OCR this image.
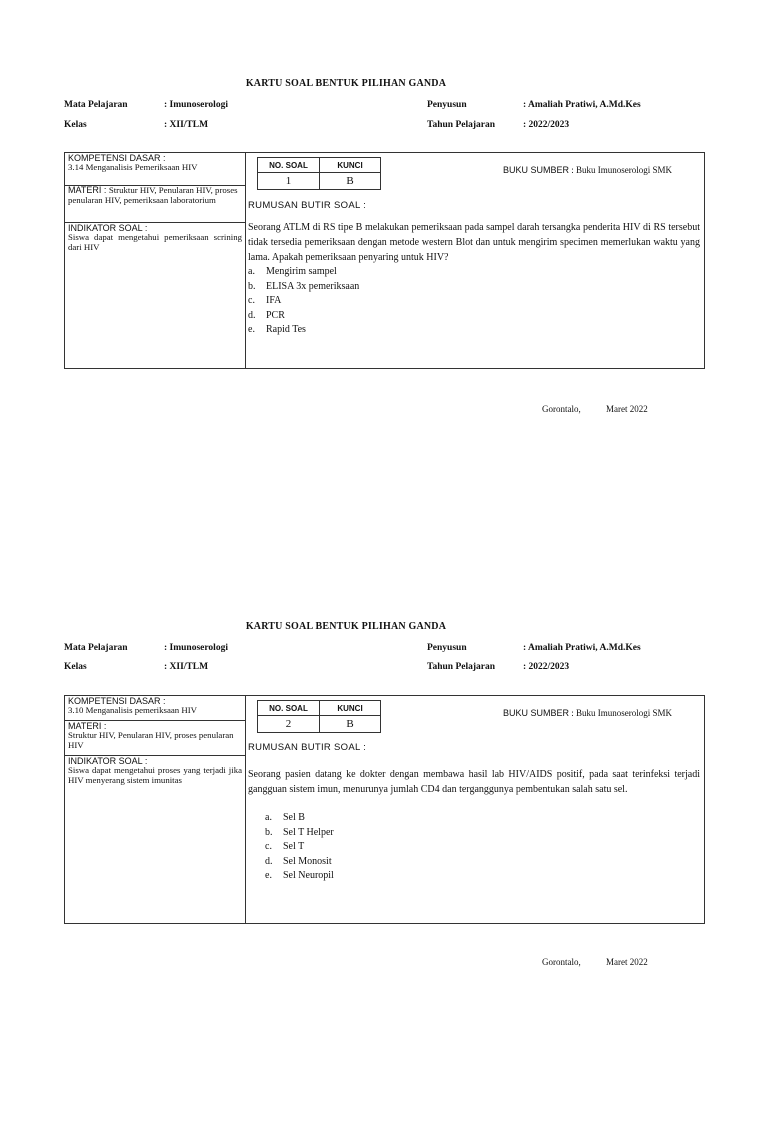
KARTU SOAL BENTUK PILIHAN GANDA
Mata Pelajaran	: Imunoserologi	Penyusun	: Amaliah Pratiwi, A.Md.Kes
Kelas	: XII/TLM	Tahun Pelajaran	: 2022/2023
KOMPETENSI DASAR :
3.14 Menganalisis Pemeriksaan HIV
MATERI : Struktur HIV, Penularan HIV, proses penularan HIV, pemeriksaan laboratorium
INDIKATOR SOAL :
Siswa dapat mengetahui pemeriksaan scrining dari HIV
NO. SOAL	KUNCI
1	B
BUKU SUMBER : Buku Imunoserologi SMK
RUMUSAN BUTIR SOAL :
Seorang ATLM di RS tipe B melakukan pemeriksaan pada sampel darah tersangka penderita HIV di RS tersebut tidak tersedia pemeriksaan dengan metode western Blot dan untuk mengirim specimen memerlukan waktu yang lama. Apakah pemeriksaan penyaring untuk HIV?
a. Mengirim sampel
b. ELISA 3x pemeriksaan
c. IFA
d. PCR
e. Rapid Tes
Gorontalo,	Maret 2022
KARTU SOAL BENTUK PILIHAN GANDA
Mata Pelajaran	: Imunoserologi	Penyusun	: Amaliah Pratiwi, A.Md.Kes
Kelas	: XII/TLM	Tahun Pelajaran	: 2022/2023
KOMPETENSI DASAR :
3.10 Menganalisis pemeriksaan HIV
MATERI :
Struktur HIV, Penularan HIV, proses penularan HIV
INDIKATOR SOAL :
Siswa dapat mengetahui proses yang terjadi jika HIV menyerang sistem imunitas
NO. SOAL	KUNCI
2	B
BUKU SUMBER : Buku Imunoserologi SMK
RUMUSAN BUTIR SOAL :
Seorang pasien datang ke dokter dengan membawa hasil lab HIV/AIDS positif, pada saat terinfeksi terjadi gangguan sistem imun, menurunya jumlah CD4 dan terganggunya pembentukan salah satu sel.
a. Sel B
b. Sel T Helper
c. Sel T
d. Sel Monosit
e. Sel Neuropil
Gorontalo,	Maret 2022
